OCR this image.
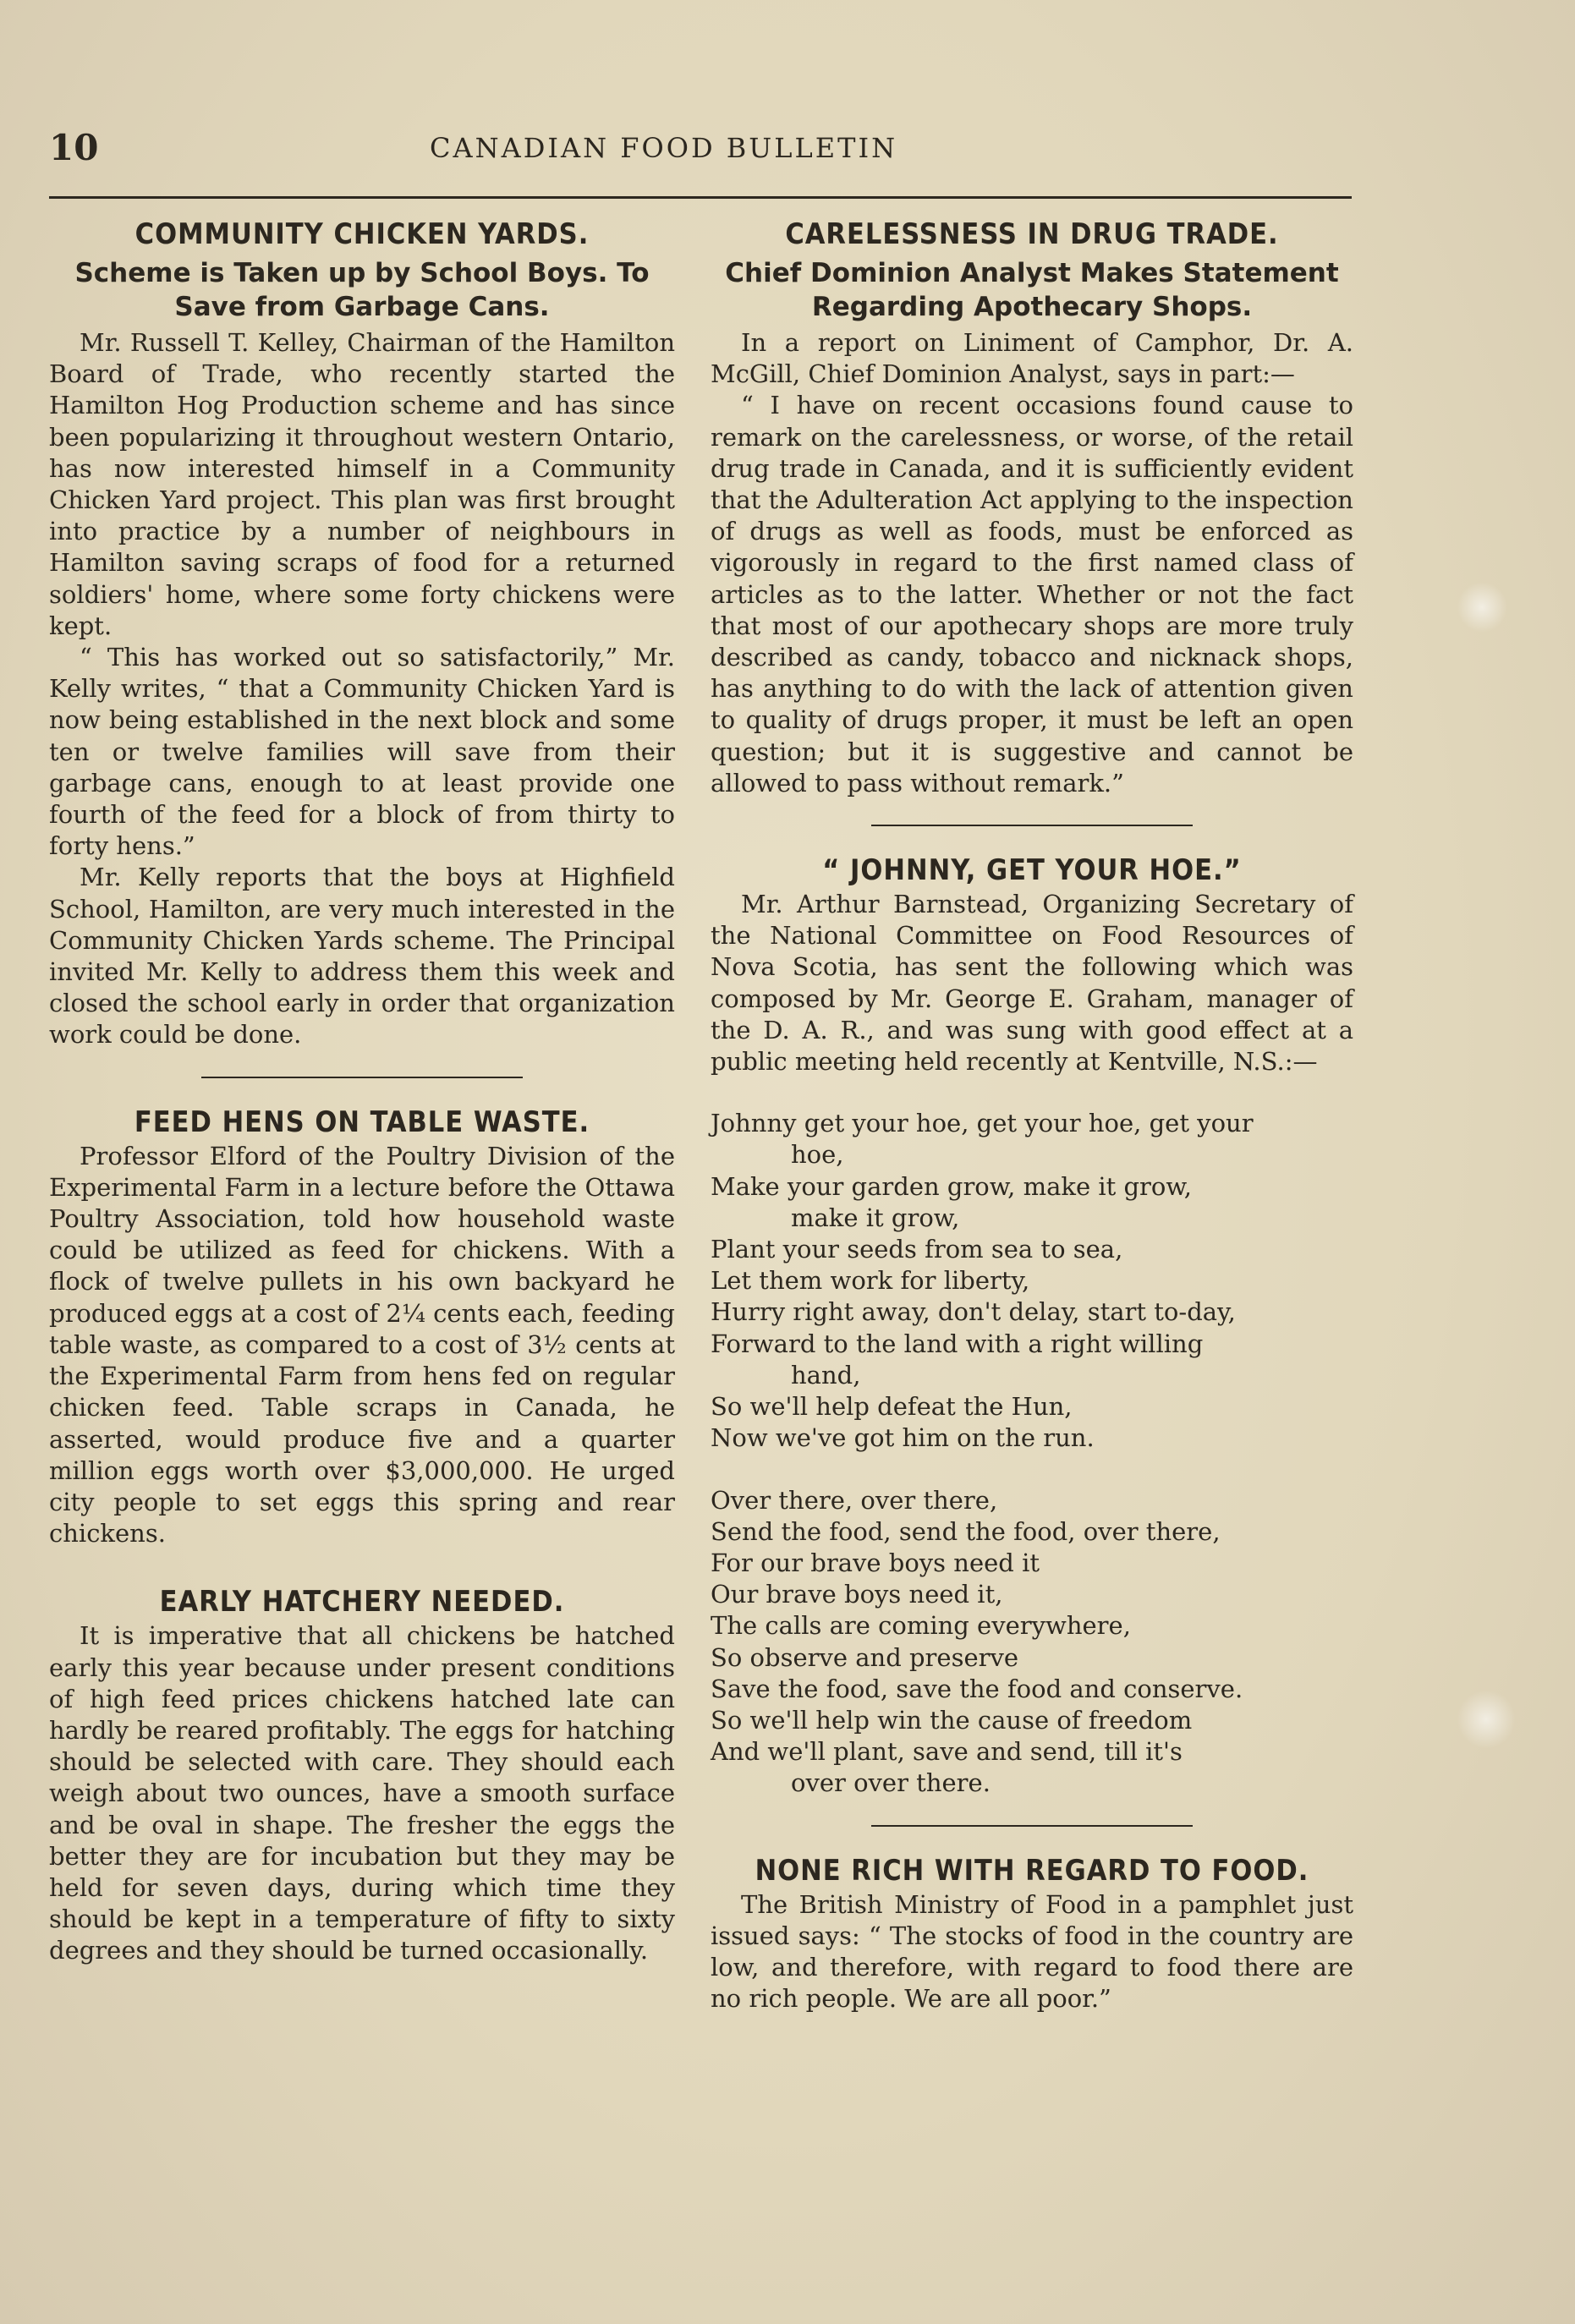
10	CANADIAN FOOD BULLETIN
COMMUNITY CHICKEN YARDS.
Scheme is Taken up by School Boys. To Save from Garbage Cans.

Mr. Russell T. Kelley, Chairman of the Hamilton Board of Trade, who recently started the Hamilton Hog Production scheme and has since been popularizing it throughout western Ontario, has now interested himself in a Community Chicken Yard project. This plan was first brought into practice by a number of neighbours in Hamilton saving scraps of food for a returned soldiers' home, where some forty chickens were kept.

“ This has worked out so satisfactorily,” Mr. Kelly writes, “ that a Community Chicken Yard is now being established in the next block and some ten or twelve families will save from their garbage cans, enough to at least provide one fourth of the feed for a block of from thirty to forty hens.”

Mr. Kelly reports that the boys at Highfield School, Hamilton, are very much interested in the Community Chicken Yards scheme. The Principal invited Mr. Kelly to address them this week and closed the school early in order that organization work could be done.

FEED HENS ON TABLE WASTE.

Professor Elford of the Poultry Division of the Experimental Farm in a lecture before the Ottawa Poultry Association, told how household waste could be utilized as feed for chickens. With a flock of twelve pullets in his own backyard he produced eggs at a cost of 2¼ cents each, feeding table waste, as compared to a cost of 3½ cents at the Experimental Farm from hens fed on regular chicken feed. Table scraps in Canada, he asserted, would produce five and a quarter million eggs worth over $3,000,000. He urged city people to set eggs this spring and rear chickens.

EARLY HATCHERY NEEDED.

It is imperative that all chickens be hatched early this year because under present conditions of high feed prices chickens hatched late can hardly be reared profitably. The eggs for hatching should be selected with care. They should each weigh about two ounces, have a smooth surface and be oval in shape. The fresher the eggs the better they are for incubation but they may be held for seven days, during which time they should be kept in a temperature of fifty to sixty degrees and they should be turned occasionally.

CARELESSNESS IN DRUG TRADE.
Chief Dominion Analyst Makes Statement Regarding Apothecary Shops.

In a report on Liniment of Camphor, Dr. A. McGill, Chief Dominion Analyst, says in part:—

“ I have on recent occasions found cause to remark on the carelessness, or worse, of the retail drug trade in Canada, and it is sufficiently evident that the Adulteration Act applying to the inspection of drugs as well as foods, must be enforced as vigorously in regard to the first named class of articles as to the latter. Whether or not the fact that most of our apothecary shops are more truly described as candy, tobacco and nicknack shops, has anything to do with the lack of attention given to quality of drugs proper, it must be left an open question; but it is suggestive and cannot be allowed to pass without remark.”

“ JOHNNY, GET YOUR HOE.”

Mr. Arthur Barnstead, Organizing Secretary of the National Committee on Food Resources of Nova Scotia, has sent the following which was composed by Mr. George E. Graham, manager of the D. A. R., and was sung with good effect at a public meeting held recently at Kentville, N.S.:—

Johnny get your hoe, get your hoe, get your
hoe,
Make your garden grow, make it grow,
make it grow,
Plant your seeds from sea to sea,
Let them work for liberty,
Hurry right away, don't delay, start to-day,
Forward to the land with a right willing
hand,
So we'll help defeat the Hun,
Now we've got him on the run.
Over there, over there,
Send the food, send the food, over there,
For our brave boys need it
Our brave boys need it,
The calls are coming everywhere,
So observe and preserve
Save the food, save the food and conserve.
So we'll help win the cause of freedom
And we'll plant, save and send, till it's
over over there.
NONE RICH WITH REGARD TO FOOD.

The British Ministry of Food in a pamphlet just issued says: “ The stocks of food in the country are low, and therefore, with regard to food there are no rich people. We are all poor.”
